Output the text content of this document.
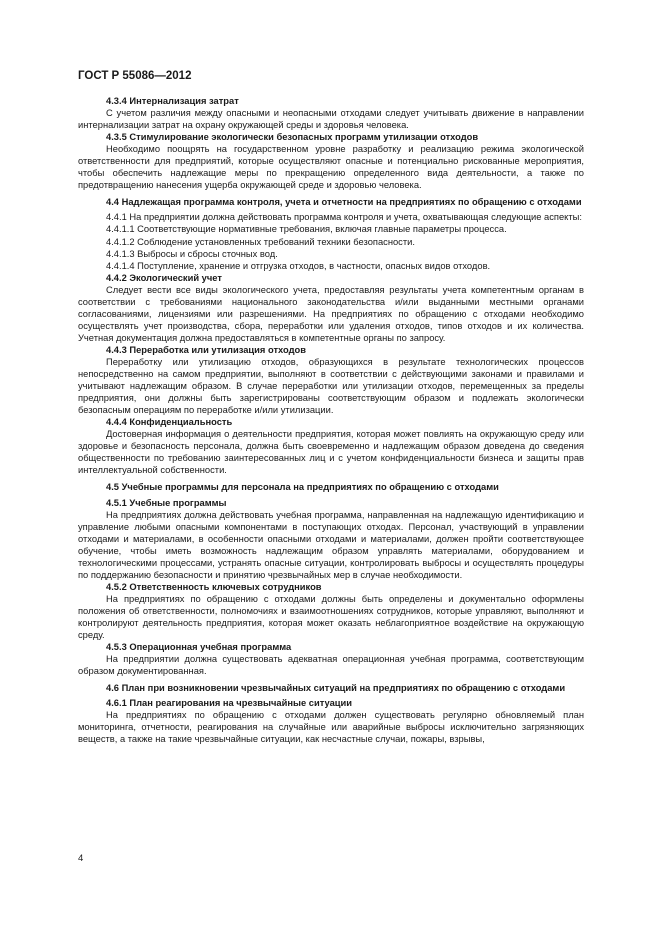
ГОСТ Р 55086—2012

4.3.4 Интернализация затрат

С учетом различия между опасными и неопасными отходами следует учитывать движение в направлении интернализации затрат на охрану окружающей среды и здоровья человека.

4.3.5 Стимулирование экологически безопасных программ утилизации отходов

Необходимо поощрять на государственном уровне разработку и реализацию режима экологической ответственности для предприятий, которые осуществляют опасные и потенциально рискованные мероприятия, чтобы обеспечить надлежащие меры по прекращению определенного вида деятельности, а также по предотвращению нанесения ущерба окружающей среде и здоровью человека.

4.4 Надлежащая программа контроля, учета и отчетности на предприятиях по обращению с отходами

4.4.1 На предприятии должна действовать программа контроля и учета, охватывающая следующие аспекты:

4.4.1.1 Соответствующие нормативные требования, включая главные параметры процесса.

4.4.1.2 Соблюдение установленных требований техники безопасности.

4.4.1.3 Выбросы и сбросы сточных вод.

4.4.1.4 Поступление, хранение и отгрузка отходов, в частности, опасных видов отходов.

4.4.2 Экологический учет

Следует вести все виды экологического учета, предоставляя результаты учета компетентным органам в соответствии с требованиями национального законодательства и/или выданными местными органами согласованиями, лицензиями или разрешениями. На предприятиях по обращению с отходами необходимо осуществлять учет производства, сбора, переработки или удаления отходов, типов отходов и их количества. Учетная документация должна предоставляться в компетентные органы по запросу.

4.4.3 Переработка или утилизация отходов

Переработку или утилизацию отходов, образующихся в результате технологических процессов непосредственно на самом предприятии, выполняют в соответствии с действующими законами и правилами и учитывают надлежащим образом. В случае переработки или утилизации отходов, перемещенных за пределы предприятия, они должны быть зарегистрированы соответствующим образом и подлежать экологически безопасным операциям по переработке и/или утилизации.

4.4.4 Конфиденциальность

Достоверная информация о деятельности предприятия, которая может повлиять на окружающую среду или здоровье и безопасность персонала, должна быть своевременно и надлежащим образом доведена до сведения общественности по требованию заинтересованных лиц и с учетом конфиденциальности бизнеса и защиты прав интеллектуальной собственности.

4.5 Учебные программы для персонала на предприятиях по обращению с отходами

4.5.1 Учебные программы

На предприятиях должна действовать учебная программа, направленная на надлежащую идентификацию и управление любыми опасными компонентами в поступающих отходах. Персонал, участвующий в управлении отходами и материалами, в особенности опасными отходами и материалами, должен пройти соответствующее обучение, чтобы иметь возможность надлежащим образом управлять материалами, оборудованием и технологическими процессами, устранять опасные ситуации, контролировать выбросы и осуществлять процедуры по поддержанию безопасности и принятию чрезвычайных мер в случае необходимости.

4.5.2 Ответственность ключевых сотрудников

На предприятиях по обращению с отходами должны быть определены и документально оформлены положения об ответственности, полномочиях и взаимоотношениях сотрудников, которые управляют, выполняют и контролируют деятельность предприятия, которая может оказать неблагоприятное воздействие на окружающую среду.

4.5.3 Операционная учебная программа

На предприятии должна существовать адекватная операционная учебная программа, соответствующим образом документированная.

4.6 План при возникновении чрезвычайных ситуаций на предприятиях по обращению с отходами

4.6.1 План реагирования на чрезвычайные ситуации

На предприятиях по обращению с отходами должен существовать регулярно обновляемый план мониторинга, отчетности, реагирования на случайные или аварийные выбросы исключительно загрязняющих веществ, а также на такие чрезвычайные ситуации, как несчастные случаи, пожары, взрывы,

4
